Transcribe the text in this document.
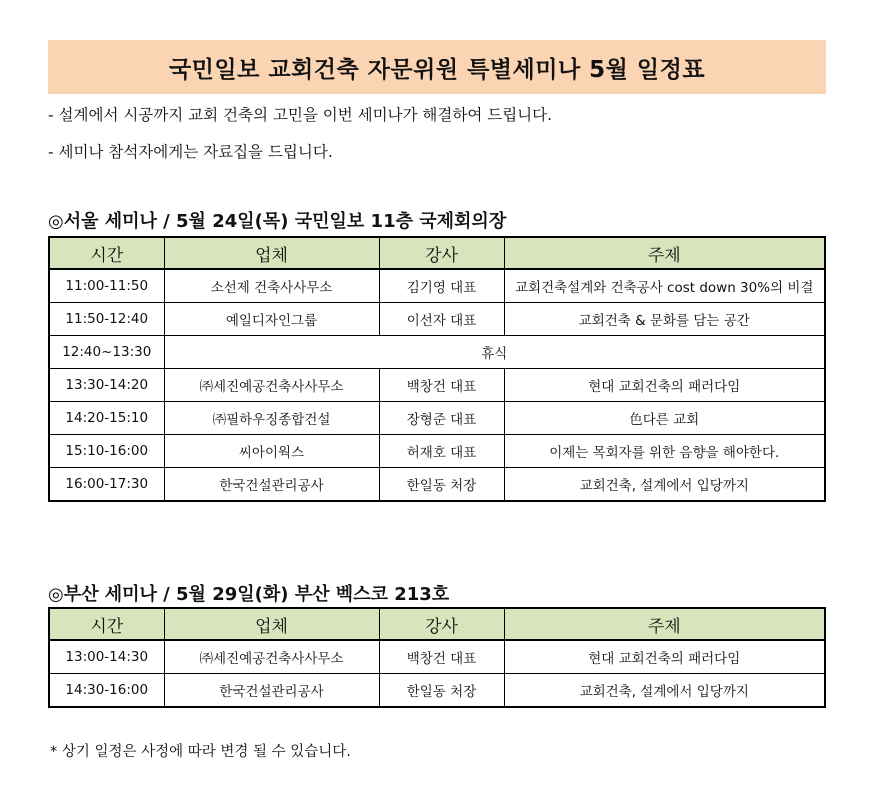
국민일보 교회건축 자문위원 특별세미나 5월 일정표
- 설계에서 시공까지 교회 건축의 고민을 이번 세미나가 해결하여 드립니다.
- 세미나 참석자에게는 자료집을 드립니다.
◎서울 세미나 / 5월 24일(목) 국민일보 11층 국제회의장
시간	업체	강사	주제
11:00-11:50	소선제 건축사사무소	김기영 대표	교회건축설계와 건축공사 cost down 30%의 비결
11:50-12:40	예일디자인그룹	이선자 대표	교회건축 & 문화를 담는 공간
12:40~13:30	휴식		
13:30-14:20	㈜세진예공건축사사무소	백창건 대표	현대 교회건축의 패러다임
14:20-15:10	㈜필하우징종합건설	장형준 대표	色다른 교회
15:10-16:00	씨아이웍스	허재호 대표	이제는 목회자를 위한 음향을 해야한다.
16:00-17:30	한국건설관리공사	한일동 처장	교회건축, 설계에서 입당까지
◎부산 세미나 / 5월 29일(화) 부산 벡스코 213호
시간	업체	강사	주제
13:00-14:30	㈜세진예공건축사사무소	백창건 대표	현대 교회건축의 패러다임
14:30-16:00	한국건설관리공사	한일동 처장	교회건축, 설계에서 입당까지
* 상기 일정은 사정에 따라 변경 될 수 있습니다.
